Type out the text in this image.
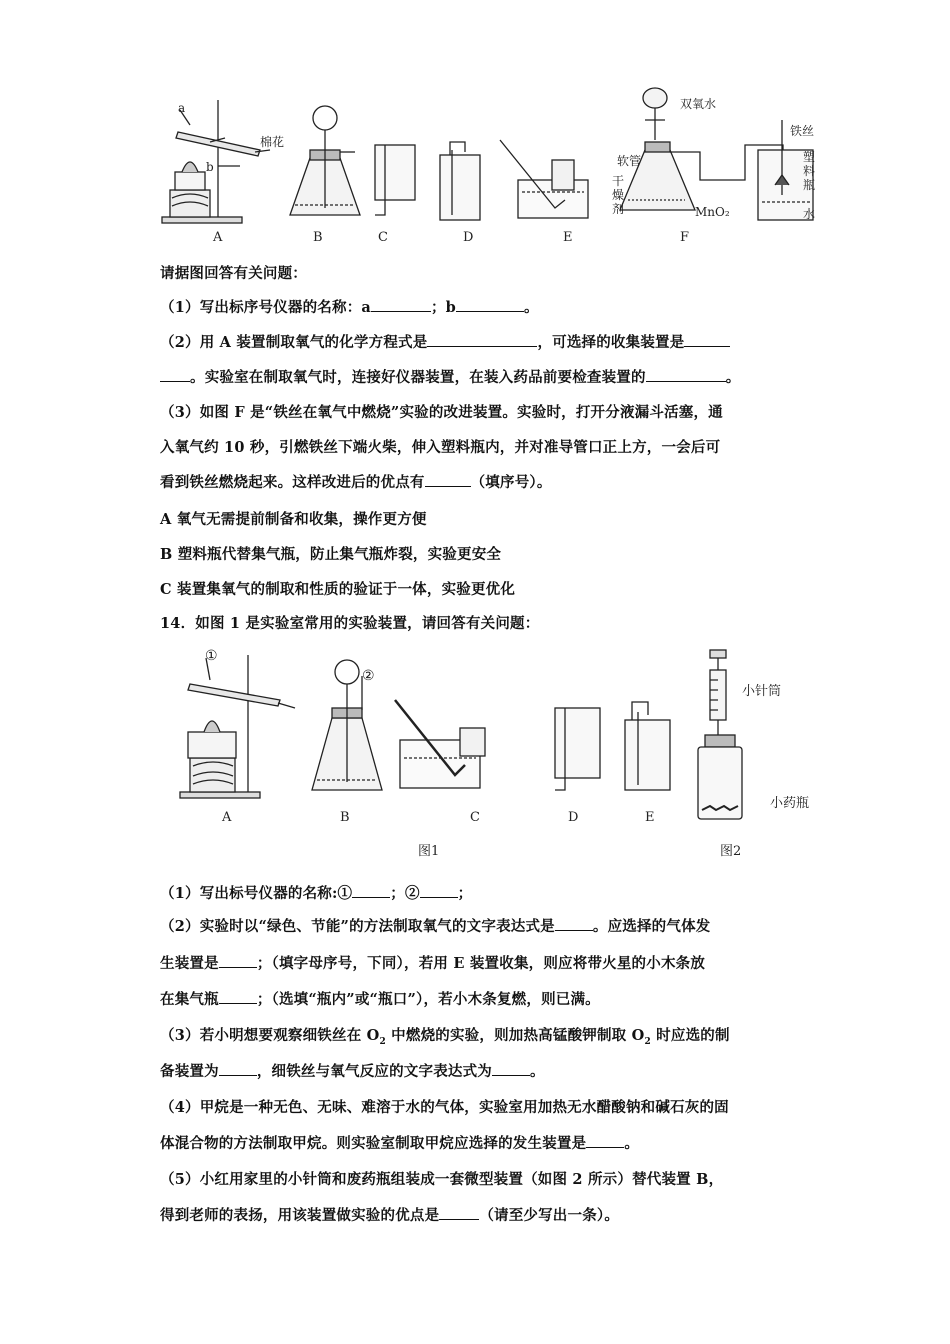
a
b
棉花
双氧水
铁丝
软管
干燥剂
塑料瓶
水
MnO₂
A	B	C	D	E	F
请据图回答有关问题：
（1）写出标序号仪器的名称：a	；b	。
（2）用 A 装置制取氧气的化学方程式是	，可选择的收集装置是
。实验室在制取氧气时，连接好仪器装置，在装入药品前要检查装置的	。
（3）如图 F 是“铁丝在氧气中燃烧”实验的改进装置。实验时，打开分液漏斗活塞，通
入氧气约 10 秒，引燃铁丝下端火柴，伸入塑料瓶内，并对准导管口正上方，一会后可
看到铁丝燃烧起来。这样改进后的优点有	（填序号）。
A 氧气无需提前制备和收集，操作更方便
B 塑料瓶代替集气瓶，防止集气瓶炸裂，实验更安全
C 装置集氧气的制取和性质的验证于一体，实验更优化
14．如图 1 是实验室常用的实验装置，请回答有关问题：
①
②
小针筒
小药瓶
A	B	C	D	E
图1	图2
（1）写出标号仪器的名称:①	；②	；
（2）实验时以“绿色、节能”的方法制取氧气的文字表达式是	。应选择的气体发
生装置是	；（填字母序号，下同），若用 E 装置收集，则应将带火星的小木条放
在集气瓶	；（选填“瓶内”或“瓶口”），若小木条复燃，则已满。
（3）若小明想要观察细铁丝在 $O_2$ 中燃烧的实验，则加热高锰酸钾制取 $O_2$ 时应选的制
备装置为	，细铁丝与氧气反应的文字表达式为	。
（4）甲烷是一种无色、无味、难溶于水的气体，实验室用加热无水醋酸钠和碱石灰的固
体混合物的方法制取甲烷。则实验室制取甲烷应选择的发生装置是	。
（5）小红用家里的小针筒和废药瓶组装成一套微型装置（如图 2 所示）替代装置 B，
得到老师的表扬，用该装置做实验的优点是	（请至少写出一条）。
